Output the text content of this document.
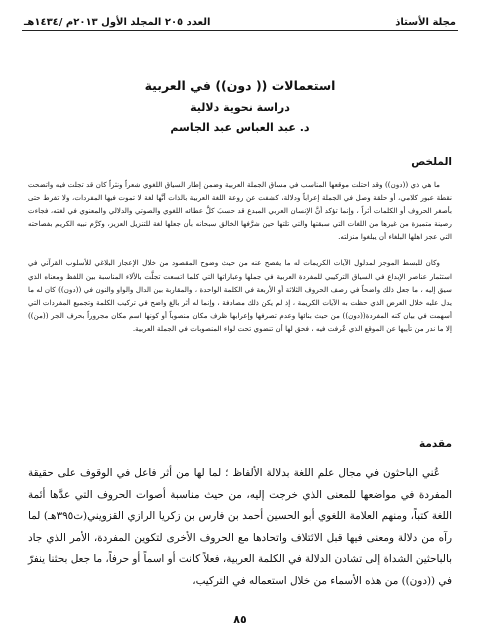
مجلة الأستاذ
العدد ٢٠٥ المجلد الأول ٢٠١٣م /١٤٣٤هـ
استعمالات (( دون)) في العربية
دراسة نحوية دلالية
د. عبد العباس عبد الجاسم
الملخص

ما هي ذي ((دون)) وقد احتلت موقعها المناسب في مساق الجملة العربية وضمن إطار السياق اللغوي شعراً ونثراً كان قد تجلت فيه واتضحت نقطة عبور كلامي، أو حلقة وصل في الجملة إعراباً ودلالة، كشفت عن روعة اللغة العربية بالذات أنَّها لغة لا تموت فيها المفردات، ولا تفرط حتى بأصغر الحروف أو الكلمات أثراً ، وإنما تؤكد أنَّ الإنسان العربي المبدع قد حسبَ كلَّ عطائه اللغوي والصوتي والدلالي والمعنوي في لغته، فجاءت رصينة متميزة من غيرها من اللغات التي سبقتها والتي تلتها حين شرَّفها الخالق سبحانه بأن جعلها لغة للتنزيل العزيز، وكرَّم نبيه الكريم بفصاحته التي عجز اهلها البلغاء أن يبلغوا منزلته.

وكان للبسط الموجز لمدلول الآيات الكريمات له ما يفصح عنه من حيث وضوح المقصود من خلال الإعجاز البلاغي للأسلوب القرآني في استثمار عناصر الإبداع في السياق التركيبي للمفردة العربية في جملها وعباراتها التي كلما اتسعت تجلَّت بالألاء المناسبة بين اللفظ ومعناه الذي سيق إليه ، ما جعل ذلك واضحاً في رصف الحروف الثلاثة أو الأربعة في الكلمة الواحدة ، والمقاربة بين الدال والواو والنون في ((دون)) كان له ما يدل عليه خلال العرض الذي حظت به الآيات الكريمة ، إذ لم يكن ذلك مصادفة ، وإنما له أثر بالغ واضح في تركيب الكلمة وتجميع المفردات التي أسهمت في بيان كنه المفردة((دون)) من حيث بنائها وعدم تصرفها وإعرابها ظرف مكان منصوباً أو كونها اسم مكان مجروراً بحرف الجر ((من)) إلا ما ندر من تأييها عن الموقع الذي عُرفت فيه ، فحق لها أن تنضوي تحت لواء المنصوبات في الجملة العربية.

مقدمة

عُني الباحثون في مجال علم اللغة بدلالة الألفاظ ؛ لما لها من أثر فاعل في الوقوف على حقيقة المفردة في مواضعها للمعنى الذي خرجت إليه، من حيث مناسبة أصوات الحروف التي عدَّها أئمة اللغة كتباً، ومنهم العلامة اللغوي أبو الحسين أحمد بن فارس بن زكريا الرازي القزويني(ت٣٩٥هـ) لما رآه من دلالة ومعنى فيها قبل الائتلاف واتحادها مع الحروف الأخرى لتكوين المفردة، الأمر الذي جاد بالباحثين الشداة إلى تشادن الدلالة في الكلمة العربية، فعلاً كانت أو اسماً أو حرفاً، ما جعل بحثنا ينفرّ في ((دون)) من هذه الأسماء من خلال استعماله في التركيب،

٨٥
